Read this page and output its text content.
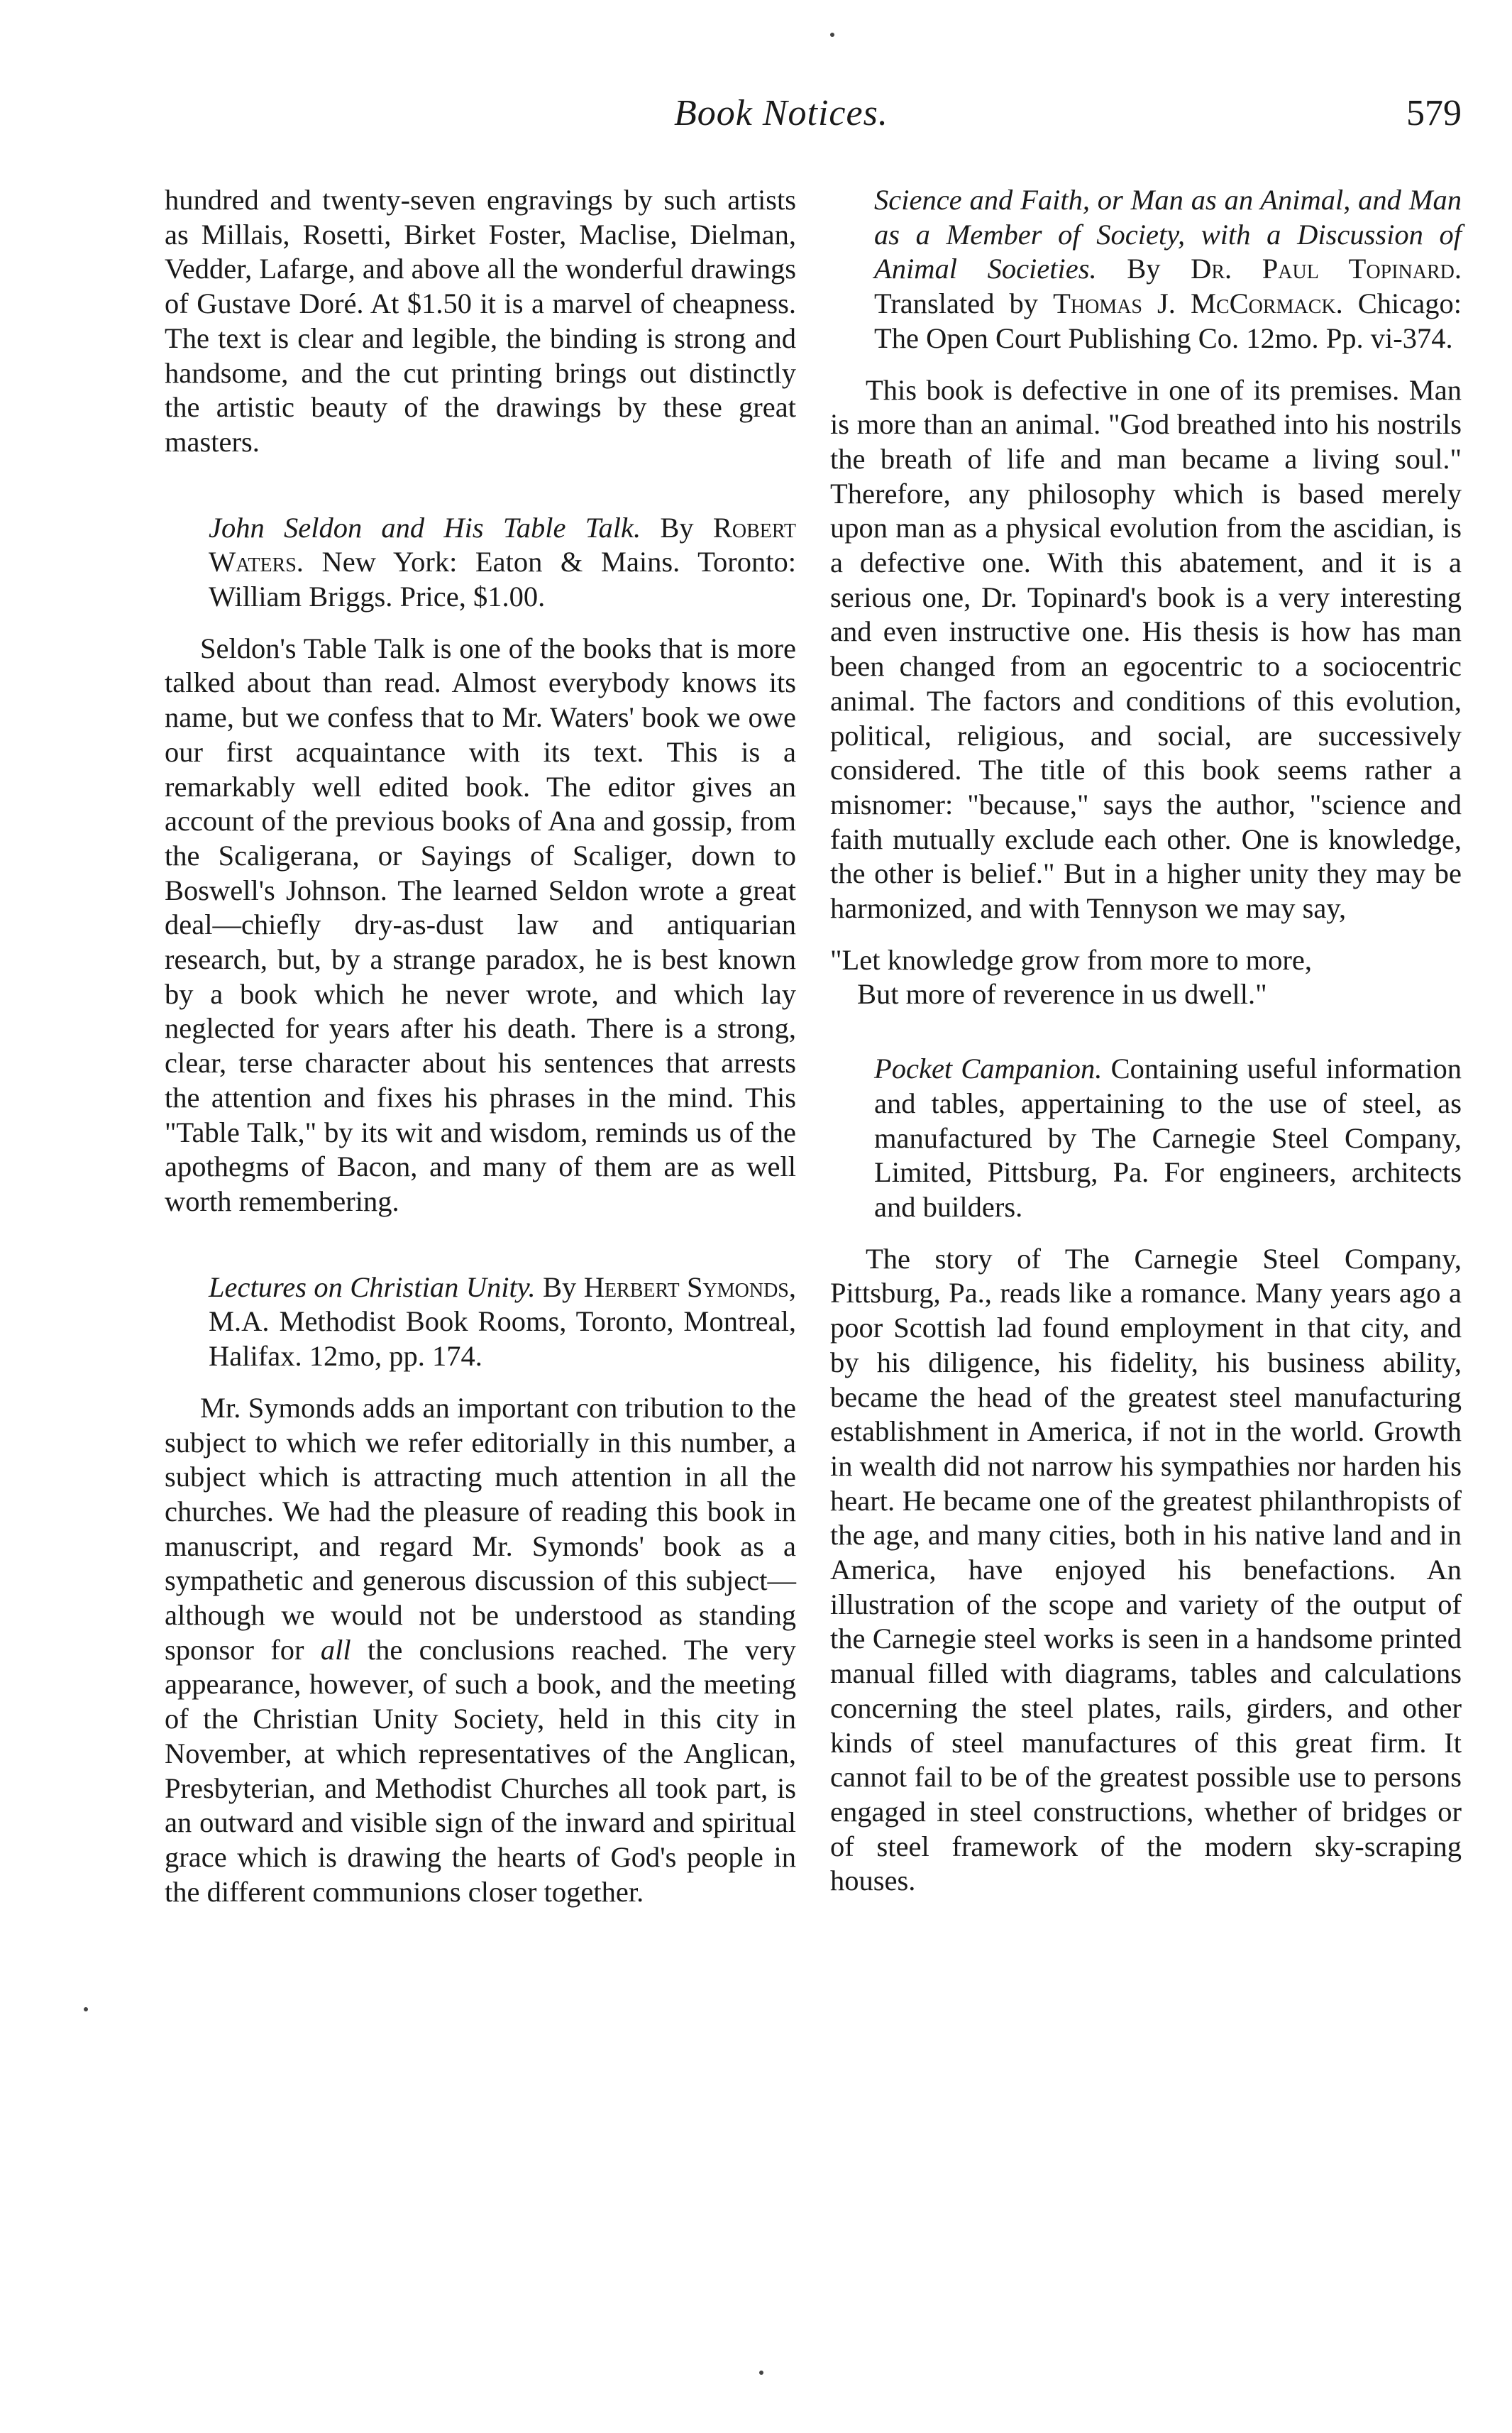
Book Notices.	579

hundred and twenty-seven engravings by such artists as Millais, Rosetti, Birket Foster, Maclise, Dielman, Vedder, Lafarge, and above all the wonderful drawings of Gustave Doré. At $1.50 it is a marvel of cheapness. The text is clear and legible, the binding is strong and handsome, and the cut printing brings out distinctly the artistic beauty of the drawings by these great masters.

John Seldon and His Table Talk. By Robert Waters. New York: Eaton & Mains. Toronto: William Briggs. Price, $1.00.

Seldon's Table Talk is one of the books that is more talked about than read. Almost everybody knows its name, but we confess that to Mr. Waters' book we owe our first acquaintance with its text. This is a remarkably well edited book. The editor gives an account of the previous books of Ana and gossip, from the Scaligerana, or Sayings of Scaliger, down to Boswell's Johnson. The learned Seldon wrote a great deal—chiefly dry-as-dust law and antiquarian research, but, by a strange paradox, he is best known by a book which he never wrote, and which lay neglected for years after his death. There is a strong, clear, terse character about his sentences that arrests the attention and fixes his phrases in the mind. This "Table Talk," by its wit and wisdom, reminds us of the apothegms of Bacon, and many of them are as well worth remembering.

Lectures on Christian Unity. By Herbert Symonds, M.A. Methodist Book Rooms, Toronto, Montreal, Halifax. 12mo, pp. 174.

Mr. Symonds adds an important con tribution to the subject to which we refer editorially in this number, a subject which is attracting much attention in all the churches. We had the pleasure of reading this book in manuscript, and regard Mr. Symonds' book as a sympathetic and generous discussion of this subject—although we would not be understood as standing sponsor for all the conclusions reached. The very appearance, however, of such a book, and the meeting of the Christian Unity Society, held in this city in November, at which representatives of the Anglican, Presbyterian, and Methodist Churches all took part, is an outward and visible sign of the inward and spiritual grace which is drawing the hearts of God's people in the different communions closer together.

Science and Faith, or Man as an Animal, and Man as a Member of Society, with a Discussion of Animal Societies. By Dr. Paul Topinard. Translated by Thomas J. McCormack. Chicago: The Open Court Publishing Co. 12mo. Pp. vi-374.

This book is defective in one of its premises. Man is more than an animal. "God breathed into his nostrils the breath of life and man became a living soul." Therefore, any philosophy which is based merely upon man as a physical evolution from the ascidian, is a defective one. With this abatement, and it is a serious one, Dr. Topinard's book is a very interesting and even instructive one. His thesis is how has man been changed from an egocentric to a sociocentric animal. The factors and conditions of this evolution, political, religious, and social, are successively considered. The title of this book seems rather a misnomer: "because," says the author, "science and faith mutually exclude each other. One is knowledge, the other is belief." But in a higher unity they may be harmonized, and with Tennyson we may say,

"Let knowledge grow from more to more,

But more of reverence in us dwell."

Pocket Campanion. Containing useful information and tables, appertaining to the use of steel, as manufactured by The Carnegie Steel Company, Limited, Pittsburg, Pa. For engineers, architects and builders.

The story of The Carnegie Steel Company, Pittsburg, Pa., reads like a romance. Many years ago a poor Scottish lad found employment in that city, and by his diligence, his fidelity, his business ability, became the head of the greatest steel manufacturing establishment in America, if not in the world. Growth in wealth did not narrow his sympathies nor harden his heart. He became one of the greatest philanthropists of the age, and many cities, both in his native land and in America, have enjoyed his benefactions. An illustration of the scope and variety of the output of the Carnegie steel works is seen in a handsome printed manual filled with diagrams, tables and calculations concerning the steel plates, rails, girders, and other kinds of steel manufactures of this great firm. It cannot fail to be of the greatest possible use to persons engaged in steel constructions, whether of bridges or of steel framework of the modern sky-scraping houses.
